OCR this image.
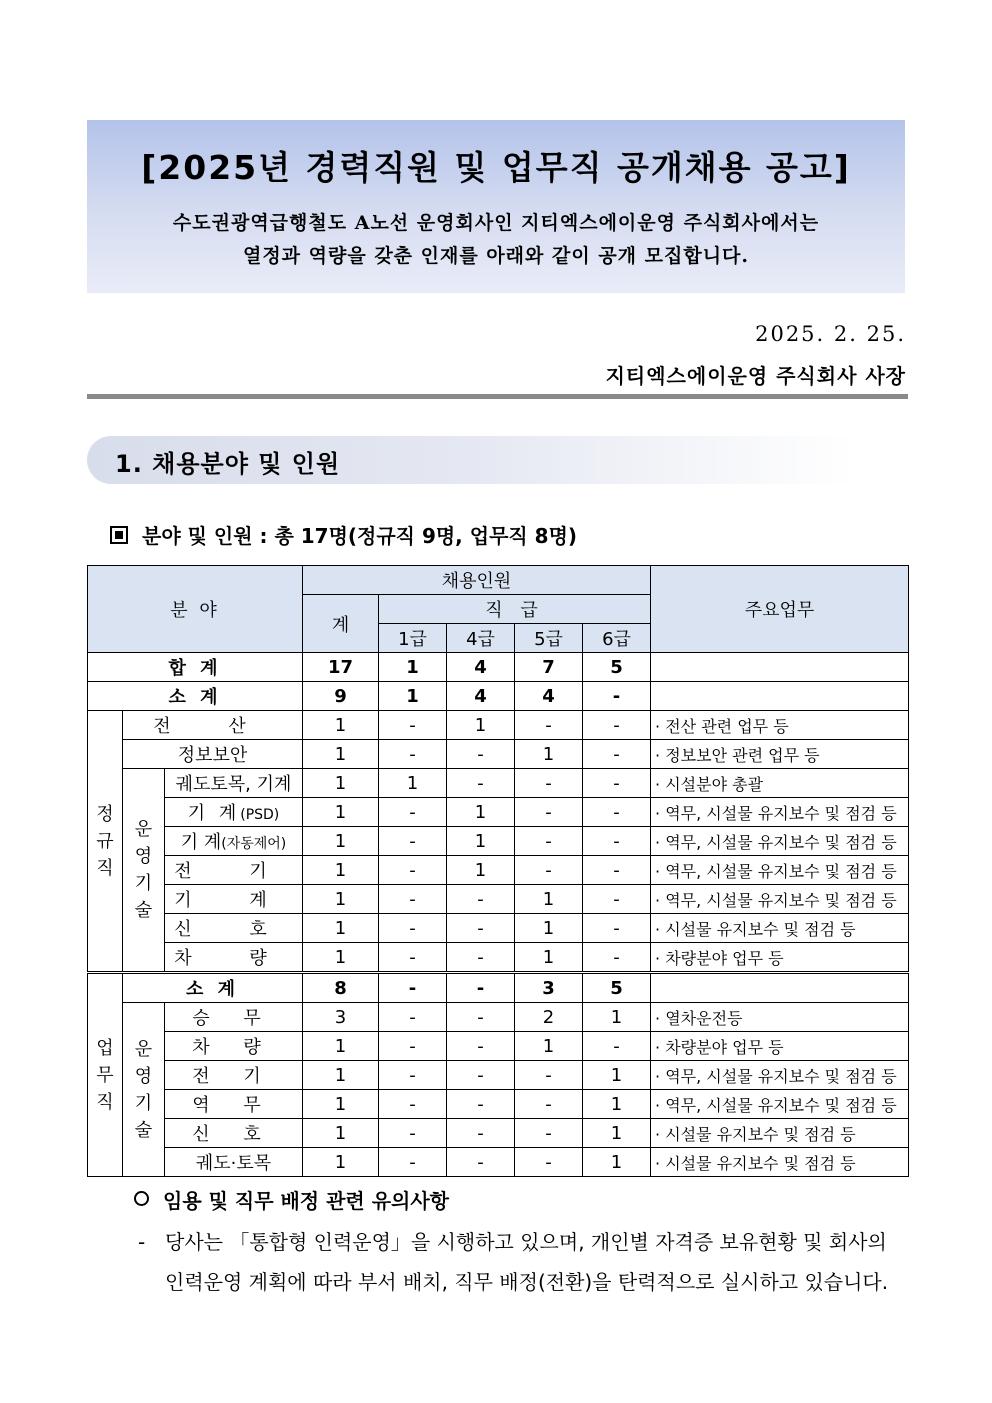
[2025년 경력직원 및 업무직 공개채용 공고]
수도권광역급행철도 A노선 운영회사인 지티엑스에이운영 주식회사에서는
열정과 역량을 갖춘 인재를 아래와 같이 공개 모집합니다.
2025. 2. 25.
지티엑스에이운영 주식회사 사장
1. 채용분야 및 인원
분야 및 인원 : 총 17명(정규직 9명, 업무직 8명)
분 야			채용인원					주요업무
			계	직 급				
				1급	4급	5급	6급	
합 계			17	1	4	7	5	
소 계			9	1	4	4	-	
정규직	전 산		1	-	1	-	-	· 전산 관련 업무 등
	정보보안		1	-	-	1	-	· 정보보안 관련 업무 등
	운영기술	궤도토목, 기계	1	1	-	-	-	· 시설분야 총괄
		기 계(PSD)	1	-	1	-	-	· 역무, 시설물 유지보수 및 점검 등
		기 계(자동제어)	1	-	1	-	-	· 역무, 시설물 유지보수 및 점검 등
		전 기	1	-	1	-	-	· 역무, 시설물 유지보수 및 점검 등
		기 계	1	-	-	1	-	· 역무, 시설물 유지보수 및 점검 등
		신 호	1	-	-	1	-	· 시설물 유지보수 및 점검 등
		차 량	1	-	-	1	-	· 차량분야 업무 등
업무직	소 계		8	-	-	3	5	
	운영기술	승 무	3	-	-	2	1	· 열차운전등
		차 량	1	-	-	1	-	· 차량분야 업무 등
		전 기	1	-	-	-	1	· 역무, 시설물 유지보수 및 점검 등
		역 무	1	-	-	-	1	· 역무, 시설물 유지보수 및 점검 등
		신 호	1	-	-	-	1	· 시설물 유지보수 및 점검 등
		궤도·토목	1	-	-	-	1	· 시설물 유지보수 및 점검 등
임용 및 직무 배정 관련 유의사항
- 당사는 「통합형 인력운영」을 시행하고 있으며, 개인별 자격증 보유현황 및 회사의
인력운영 계획에 따라 부서 배치, 직무 배정(전환)을 탄력적으로 실시하고 있습니다.
